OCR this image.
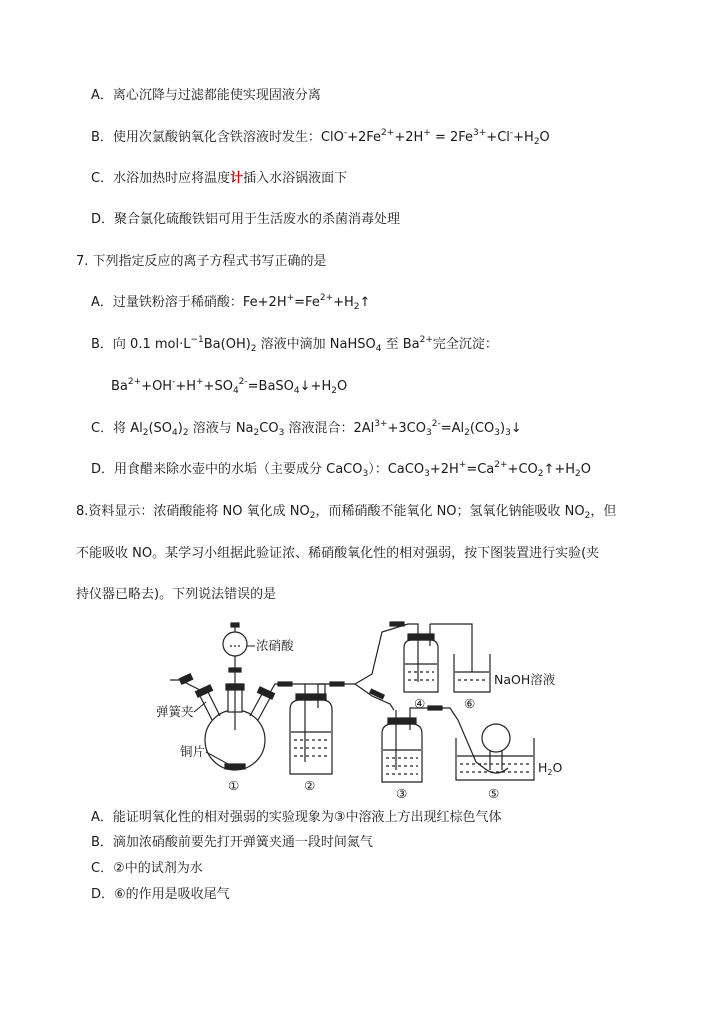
A．离心沉降与过滤都能使实现固液分离
B．使用次氯酸钠氧化含铁溶液时发生：$ClO^-+2Fe^{2+}+2H^+ = 2Fe^{3+}+Cl^-+H_2O$
C．水浴加热时应将温度计插入水浴锅液面下
D．聚合氯化硫酸铁铝可用于生活废水的杀菌消毒处理
7. 下列指定反应的离子方程式书写正确的是
A．过量铁粉溶于稀硝酸：$Fe+2H^+=Fe^{2+}+H_2↑$
B．向 0.1 $mol\cdot L^{-1}Ba(OH)_2$ 溶液中滴加 NaHSO$_4$ 至 $Ba^{2+}$完全沉淀：
$Ba^{2+}+OH^-+H^++SO_4^{2-}=BaSO_4↓+H_2O$
C．将 $Al_2(SO_4)_2$ 溶液与 $Na_2CO_3$ 溶液混合：$2Al^{3+}+3CO_3^{2-}=Al_2(CO_3)_3↓$
D．用食醋来除水壶中的水垢（主要成分 CaCO$_3$）：$CaCO_3+2H^+=Ca^{2+}+CO_2↑+H_2O$
8.资料显示：浓硝酸能将 NO 氧化成 $NO_2$，而稀硝酸不能氧化 NO；氢氧化钠能吸收 $NO_2$，但
不能吸收 NO。某学习小组据此验证浓、稀硝酸氧化性的相对强弱，按下图装置进行实验(夹
持仪器已略去)。下列说法错误的是
浓硝酸
弹簧夹
铜片
NaOH溶液
$H_2O$
①	②
③
④
⑤
⑥
A．能证明氧化性的相对强弱的实验现象为③中溶液上方出现红棕色气体
B．滴加浓硝酸前要先打开弹簧夹通一段时间氮气
C．②中的试剂为水
D．⑥的作用是吸收尾气
